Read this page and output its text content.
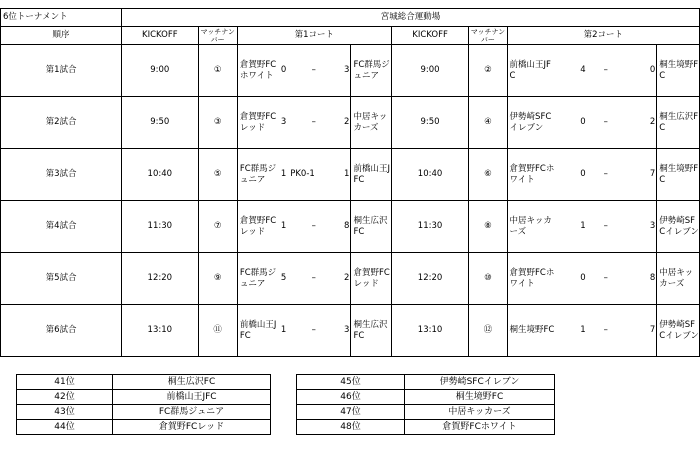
6位トーナメント	宮城総合運動場													
順序	KICKOFF	マッチナンバー	第1コート					KICKOFF	マッチナンバー	第2コート				
第1試合	9:00	①	倉賀野FCホワイト	0	–	3	FC群馬ジュニア	9:00	②	前橋山王JFC	4	–	0	桐生境野FC
第2試合	9:50	③	倉賀野FCレッド	3	–	2	中居キッカーズ	9:50	④	伊勢崎SFCイレブン	0	–	2	桐生広沢FC
第3試合	10:40	⑤	FC群馬ジュニア	1	PK0-1	1	前橋山王JFC	10:40	⑥	倉賀野FCホワイト	0	–	7	桐生境野FC
第4試合	11:30	⑦	倉賀野FCレッド	1	–	8	桐生広沢FC	11:30	⑧	中居キッカーズ	1	–	3	伊勢崎SFCイレブン
第5試合	12:20	⑨	FC群馬ジュニア	5	–	2	倉賀野FCレッド	12:20	⑩	倉賀野FCホワイト	0	–	8	中居キッカーズ
第6試合	13:10	⑪	前橋山王JFC	1	–	3	桐生広沢FC	13:10	⑫	桐生境野FC	1	–	7	伊勢崎SFCイレブン
41位	桐生広沢FC
42位	前橋山王JFC
43位	FC群馬ジュニア
44位	倉賀野FCレッド
45位	伊勢崎SFCイレブン
46位	桐生境野FC
47位	中居キッカーズ
48位	倉賀野FCホワイト
